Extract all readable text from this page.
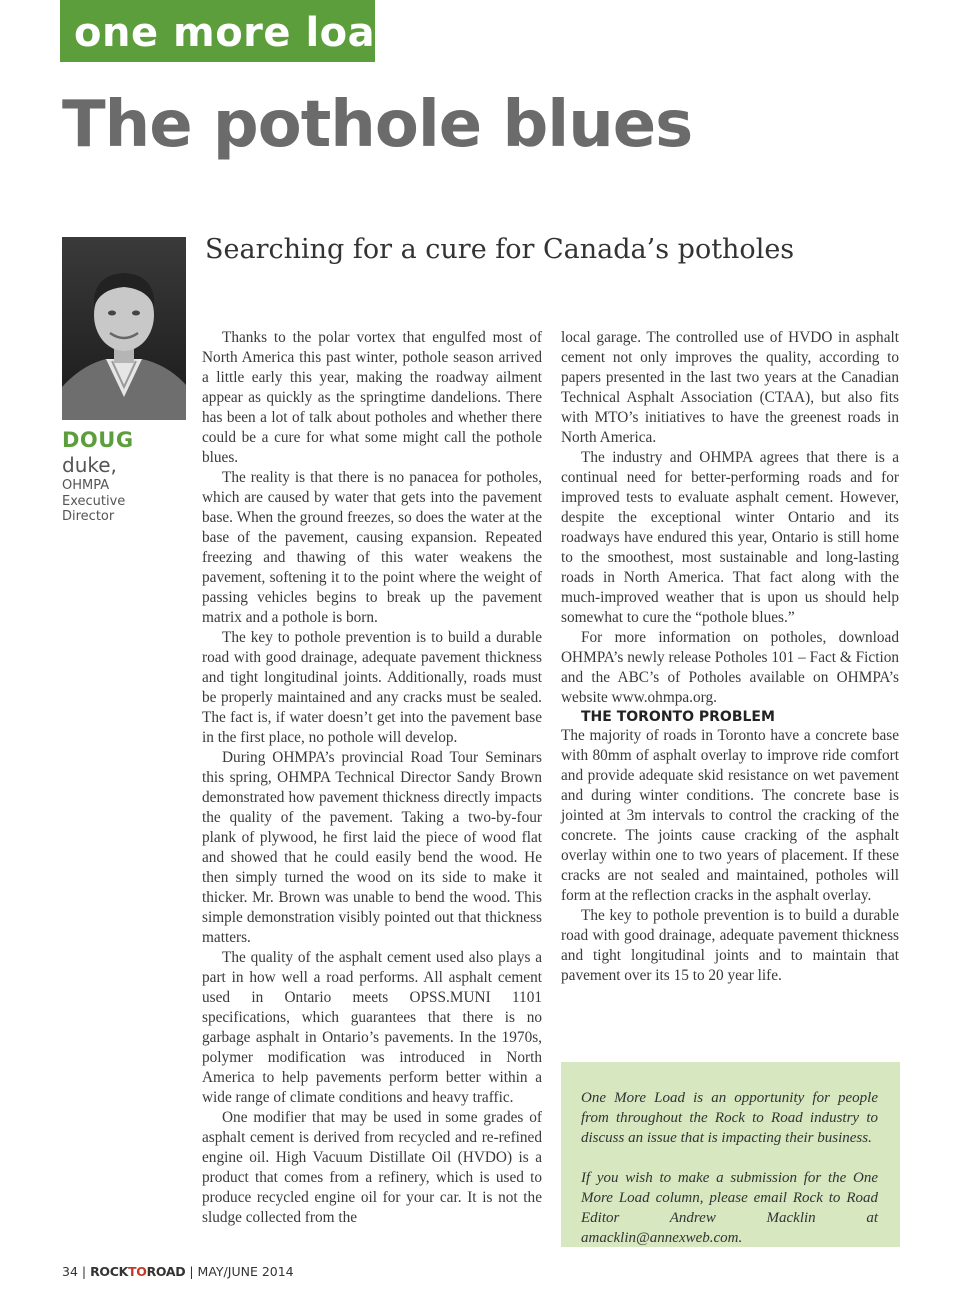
one more load
The pothole blues
DOUG
duke,
OHMPA
Executive
Director
Searching for a cure for Canada’s potholes

Thanks to the polar vortex that engulfed most of North America this past winter, pothole season arrived a little early this year, making the roadway ailment appear as quickly as the springtime dandelions. There has been a lot of talk about potholes and whether there could be a cure for what some might call the pothole blues.

The reality is that there is no panacea for potholes, which are caused by water that gets into the pavement base. When the ground freezes, so does the water at the base of the pavement, causing expansion. Repeated freezing and thawing of this water weakens the pavement, softening it to the point where the weight of passing vehicles begins to break up the pavement matrix and a pothole is born.

The key to pothole prevention is to build a durable road with good drainage, adequate pavement thickness and tight longitudinal joints. Additionally, roads must be properly maintained and any cracks must be sealed. The fact is, if water doesn’t get into the pavement base in the first place, no pothole will develop.

During OHMPA’s provincial Road Tour Seminars this spring, OHMPA Technical Director Sandy Brown demonstrated how pavement thickness directly impacts the quality of the pavement. Taking a two-by-four plank of plywood, he first laid the piece of wood flat and showed that he could easily bend the wood. He then simply turned the wood on its side to make it thicker. Mr. Brown was unable to bend the wood. This simple demonstration visibly pointed out that thickness matters.

The quality of the asphalt cement used also plays a part in how well a road performs. All asphalt cement used in Ontario meets OPSS.MUNI 1101 specifications, which guarantees that there is no garbage asphalt in Ontario’s pavements. In the 1970s, polymer modification was introduced in North America to help pavements perform better within a wide range of climate conditions and heavy traffic.

One modifier that may be used in some grades of asphalt cement is derived from recycled and re-refined engine oil. High Vacuum Distillate Oil (HVDO) is a product that comes from a refinery, which is used to produce recycled engine oil for your car. It is not the sludge collected from the

local garage. The controlled use of HVDO in asphalt cement not only improves the quality, according to papers presented in the last two years at the Canadian Technical Asphalt Association (CTAA), but also fits with MTO’s initiatives to have the greenest roads in North America.

The industry and OHMPA agrees that there is a continual need for better-performing roads and for improved tests to evaluate asphalt cement. However, despite the exceptional winter Ontario and its roadways have endured this year, Ontario is still home to the smoothest, most sustainable and long-lasting roads in North America. That fact along with the much-improved weather that is upon us should help somewhat to cure the “pothole blues.”

For more information on potholes, download OHMPA’s newly release Potholes 101 – Fact & Fiction and the ABC’s of Potholes available on OHMPA’s website www.ohmpa.org.

THE TORONTO PROBLEM

The majority of roads in Toronto have a concrete base with 80mm of asphalt overlay to improve ride comfort and provide adequate skid resistance on wet pavement and during winter conditions. The concrete base is jointed at 3m intervals to control the cracking of the concrete. The joints cause cracking of the asphalt overlay within one to two years of placement. If these cracks are not sealed and maintained, potholes will form at the reflection cracks in the asphalt overlay.

The key to pothole prevention is to build a durable road with good drainage, adequate pavement thickness and tight longitudinal joints and to maintain that pavement over its 15 to 20 year life.

One More Load is an opportunity for people from throughout the Rock to Road industry to discuss an issue that is impacting their business.

If you wish to make a submission for the One More Load column, please email Rock to Road Editor Andrew Macklin at amacklin@annexweb.com.

34 | ROCKTOROAD | MAY/JUNE 2014
